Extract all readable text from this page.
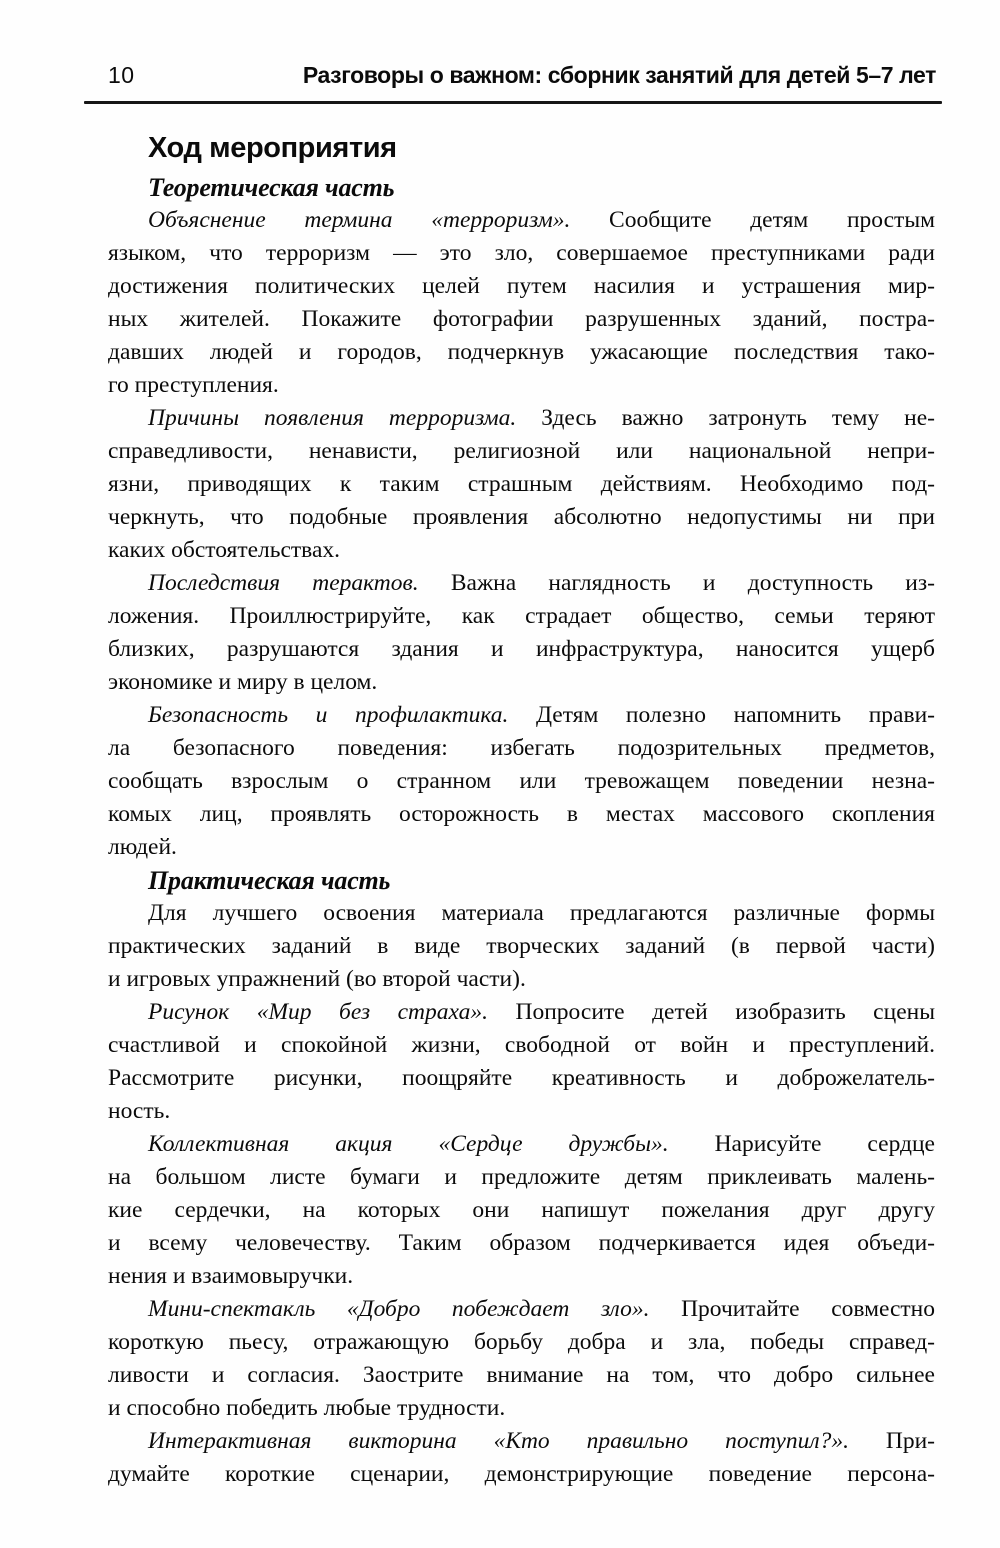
10	Разговоры о важном: сборник занятий для детей 5–7 лет
Ход мероприятия
Теоретическая часть
Объяснение термина «терроризм». Сообщите детям простым
языком, что терроризм — это зло, совершаемое преступниками ради
достижения политических целей путем насилия и устрашения мир-
ных жителей. Покажите фотографии разрушенных зданий, постра-
давших людей и городов, подчеркнув ужасающие последствия тако-
го преступления.
Причины появления терроризма. Здесь важно затронуть тему не-
справедливости, ненависти, религиозной или национальной непри-
язни, приводящих к таким страшным действиям. Необходимо под-
черкнуть, что подобные проявления абсолютно недопустимы ни при
каких обстоятельствах.
Последствия терактов. Важна наглядность и доступность из-
ложения. Проиллюстрируйте, как страдает общество, семьи теряют
близких, разрушаются здания и инфраструктура, наносится ущерб
экономике и миру в целом.
Безопасность и профилактика. Детям полезно напомнить прави-
ла безопасного поведения: избегать подозрительных предметов,
сообщать взрослым о странном или тревожащем поведении незна-
комых лиц, проявлять осторожность в местах массового скопления
людей.
Практическая часть
Для лучшего освоения материала предлагаются различные формы
практических заданий в виде творческих заданий (в первой части)
и игровых упражнений (во второй части).
Рисунок «Мир без страха». Попросите детей изобразить сцены
счастливой и спокойной жизни, свободной от войн и преступлений.
Рассмотрите рисунки, поощряйте креативность и доброжелатель-
ность.
Коллективная акция «Сердце дружбы». Нарисуйте сердце
на большом листе бумаги и предложите детям приклеивать малень-
кие сердечки, на которых они напишут пожелания друг другу
и всему человечеству. Таким образом подчеркивается идея объеди-
нения и взаимовыручки.
Мини-спектакль «Добро побеждает зло». Прочитайте совместно
короткую пьесу, отражающую борьбу добра и зла, победы справед-
ливости и согласия. Заострите внимание на том, что добро сильнее
и способно победить любые трудности.
Интерактивная викторина «Кто правильно поступил?». При-
думайте короткие сценарии, демонстрирующие поведение персона-
